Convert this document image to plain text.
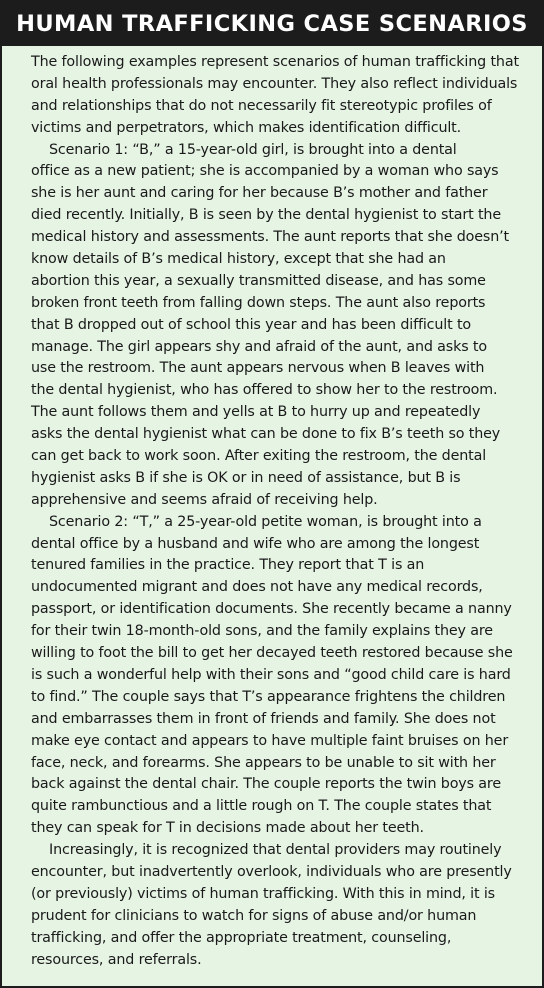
HUMAN TRAFFICKING CASE SCENARIOS
The following examples represent scenarios of human trafficking that
oral health professionals may encounter. They also reflect individuals
and relationships that do not necessarily fit stereotypic profiles of
victims and perpetrators, which makes identification difficult.
Scenario 1: “B,” a 15-year-old girl, is brought into a dental
office as a new patient; she is accompanied by a woman who says
she is her aunt and caring for her because B’s mother and father
died recently. Initially, B is seen by the dental hygienist to start the
medical history and assessments. The aunt reports that she doesn’t
know details of B’s medical history, except that she had an
abortion this year, a sexually transmitted disease, and has some
broken front teeth from falling down steps. The aunt also reports
that B dropped out of school this year and has been difficult to
manage. The girl appears shy and afraid of the aunt, and asks to
use the restroom. The aunt appears nervous when B leaves with
the dental hygienist, who has offered to show her to the restroom.
The aunt follows them and yells at B to hurry up and repeatedly
asks the dental hygienist what can be done to fix B’s teeth so they
can get back to work soon. After exiting the restroom, the dental
hygienist asks B if she is OK or in need of assistance, but B is
apprehensive and seems afraid of receiving help.
Scenario 2: “T,” a 25-year-old petite woman, is brought into a
dental office by a husband and wife who are among the longest
tenured families in the practice. They report that T is an
undocumented migrant and does not have any medical records,
passport, or identification documents. She recently became a nanny
for their twin 18-month-old sons, and the family explains they are
willing to foot the bill to get her decayed teeth restored because she
is such a wonderful help with their sons and “good child care is hard
to find.” The couple says that T’s appearance frightens the children
and embarrasses them in front of friends and family. She does not
make eye contact and appears to have multiple faint bruises on her
face, neck, and forearms. She appears to be unable to sit with her
back against the dental chair. The couple reports the twin boys are
quite rambunctious and a little rough on T. The couple states that
they can speak for T in decisions made about her teeth.
Increasingly, it is recognized that dental providers may routinely
encounter, but inadvertently overlook, individuals who are presently
(or previously) victims of human trafficking. With this in mind, it is
prudent for clinicians to watch for signs of abuse and/or human
trafficking, and offer the appropriate treatment, counseling,
resources, and referrals.
